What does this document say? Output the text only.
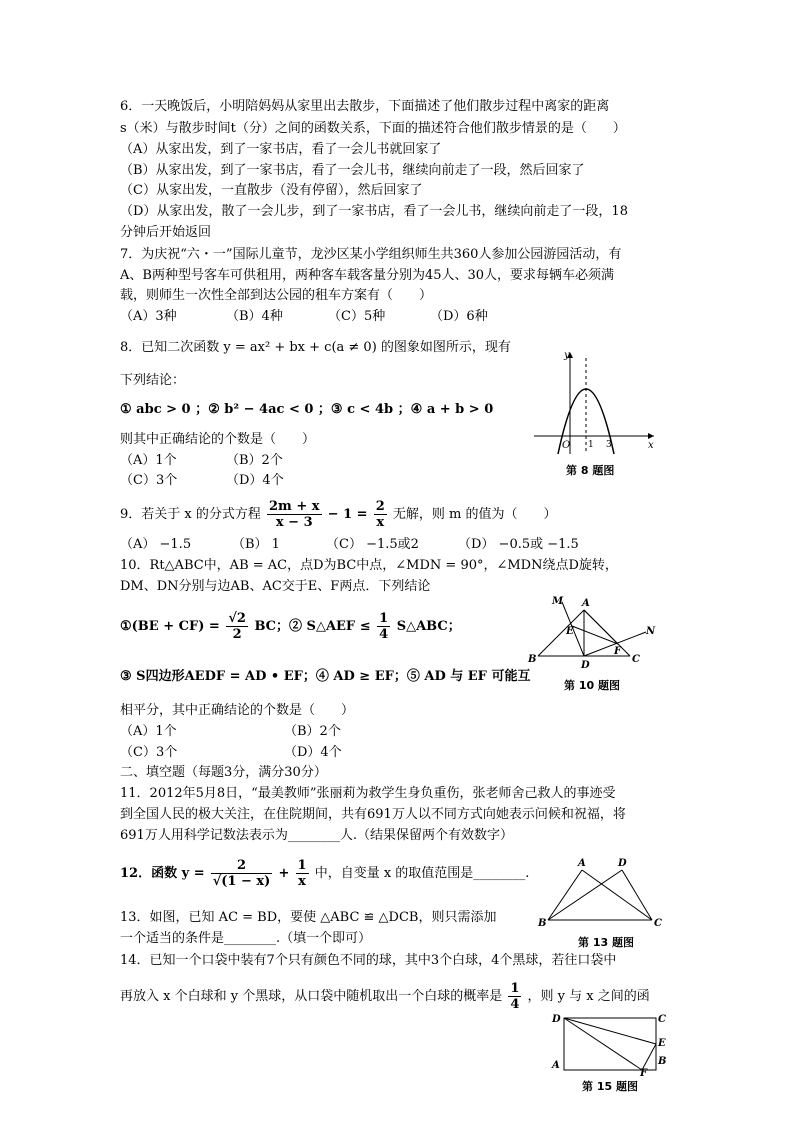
6．一天晚饭后，小明陪妈妈从家里出去散步，下面描述了他们散步过程中离家的距离
s（米）与散步时间t（分）之间的函数关系，下面的描述符合他们散步情景的是（　　）
（A）从家出发，到了一家书店，看了一会儿书就回家了
（B）从家出发，到了一家书店，看了一会儿书，继续向前走了一段，然后回家了
（C）从家出发，一直散步（没有停留），然后回家了
（D）从家出发，散了一会儿步，到了一家书店，看了一会儿书，继续向前走了一段，18
分钟后开始返回
7．为庆祝“六・一”国际儿童节，龙沙区某小学组织师生共360人参加公园游园活动，有
A、B两种型号客车可供租用，两种客车载客量分别为45人、30人，要求每辆车必须满
载，则师生一次性全部到达公园的租车方案有（　　）
（A）3种	（B）4种	（C）5种	（D）6种
8．已知二次函数 y = ax² + bx + c(a ≠ 0) 的图象如图所示，现有
下列结论：
① abc > 0 ；② b² − 4ac < 0 ；③ c < 4b ；④ a + b > 0
则其中正确结论的个数是（　　）
（A）1个	（B）2个
（C）3个	（D）4个
y
x
O 1 3
第 8 题图
9．若关于 x 的分式方程 $\frac{2m + x}{x - 3} - 1 = \frac{2}{x}$ 无解，则 m 的值为（　　）
（A） −1.5	（B） 1	（C） −1.5或2	（D） −0.5或 −1.5
10．Rt△ABC中，AB = AC，点D为BC中点，∠MDN = 90°，∠MDN绕点D旋转，
DM、DN分别与边AB、AC交于E、F两点．下列结论
①(BE + $CF) = \frac{√2}{2}$ BC；② S△AEF ≤ $\frac{1}{4}$ S△ABC；
③ S四边形AEDF = AD • EF；④ AD ≥ EF；⑤ AD 与 EF 可能互
相平分，其中正确结论的个数是（　　）
（A）1个	（B）2个
（C）3个	（D）4个
M A
N
E
F
B
D
C
第 10 题图
二、填空题（每题3分，满分30分）
11．2012年5月8日，“最美教师”张丽莉为救学生身负重伤，张老师舍己救人的事迹受
到全国人民的极大关注，在住院期间，共有691万人以不同方式向她表示问候和祝福，将
691万人用科学记数法表示为________人.（结果保留两个有效数字）
12．函数 $y = \frac{2}{√(1 - x)} + \frac{1}{x}$ 中，自变量 x 的取值范围是________.
13．如图，已知 AC = BD，要使 △ABC ≌ △DCB，则只需添加
一个适当的条件是________.（填一个即可）
A	D
B	C
第 13 题图
14．已知一个口袋中装有7个只有颜色不同的球，其中3个白球，4个黑球，若往口袋中
再放入 x 个白球和 y 个黑球，从口袋中随机取出一个白球的概率是 $\frac{1}{4}$ ，则 y 与 x 之间的函
D	C
E
B
A
F
第 15 题图
